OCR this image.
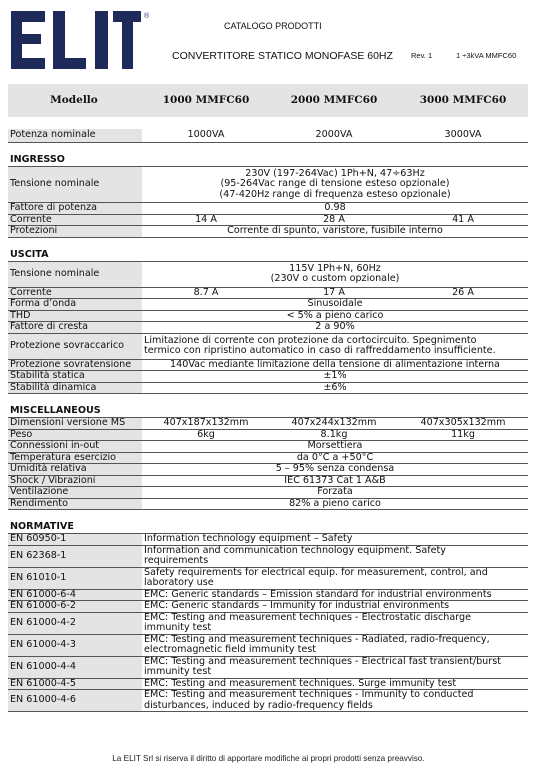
®
CATALOGO PRODOTTI
CONVERTITORE STATICO MONOFASE 60HZ Rev. 1	1 ÷3kVA MMFC60
Modello	1000 MMFC60	2000 MMFC60	3000 MMFC60

Potenza nominale	1000VA	2000VA	3000VA

INGRESSO			
Tensione nominale	230V (197-264Vac) 1Ph+N, 47÷63Hz
(95-264Vac range di tensione esteso opzionale)
(47-420Hz range di frequenza esteso opzionale)		

Fattore di potenza	0.98		
Corrente	14 A	28 A	41 A
Protezioni	Corrente di spunto, varistore, fusibile interno		

USCITA			
Tensione nominale	115V 1Ph+N, 60Hz
(230V o custom opzionale)		

Corrente	8.7 A	17 A	26 A
Forma d’onda	Sinusoidale		
THD	< 5% a pieno carico		
Fattore di cresta	2 a 90%		
Protezione sovraccarico	Limitazione di corrente con protezione da cortocircuito. Spegnimento
termico con ripristino automatico in caso di raffreddamento insufficiente.		

Protezione sovratensione	140Vac mediante limitazione della tensione di alimentazione interna		
Stabilità statica	±1%		
Stabilità dinamica	±6%		

MISCELLANEOUS			
Dimensioni versione MS	407x187x132mm	407x244x132mm	407x305x132mm
Peso	6kg	8.1kg	11kg
Connessioni in-out	Morsettiera		
Temperatura esercizio	da 0°C a +50°C		
Umidità relativa	5 – 95% senza condensa		
Shock / Vibrazioni	IEC 61373 Cat 1 A&B		
Ventilazione	Forzata		
Rendimento	82% a pieno carico		

NORMATIVE			
EN 60950-1	Information technology equipment – Safety		

EN 62368-1	Information and communication technology equipment. Safety
requirements		

EN 61010-1	Safety requirements for electrical equip. for measurement, control, and
laboratory use		

EN 61000-6-4	EMC: Generic standards – Emission standard for industrial environments		

EN 61000-6-2	EMC: Generic standards – Immunity for industrial environments		

EN 61000-4-2	EMC: Testing and measurement techniques - Electrostatic discharge
immunity test		

EN 61000-4-3	EMC: Testing and measurement techniques - Radiated, radio-frequency,
electromagnetic field immunity test		

EN 61000-4-4	EMC: Testing and measurement techniques - Electrical fast transient/burst
immunity test		

EN 61000-4-5	EMC: Testing and measurement techniques. Surge immunity test		

EN 61000-4-6	EMC: Testing and measurement techniques - Immunity to conducted
disturbances, induced by radio-frequency fields		
La ELIT Srl si riserva il diritto di apportare modifiche ai propri prodotti senza preavviso.
